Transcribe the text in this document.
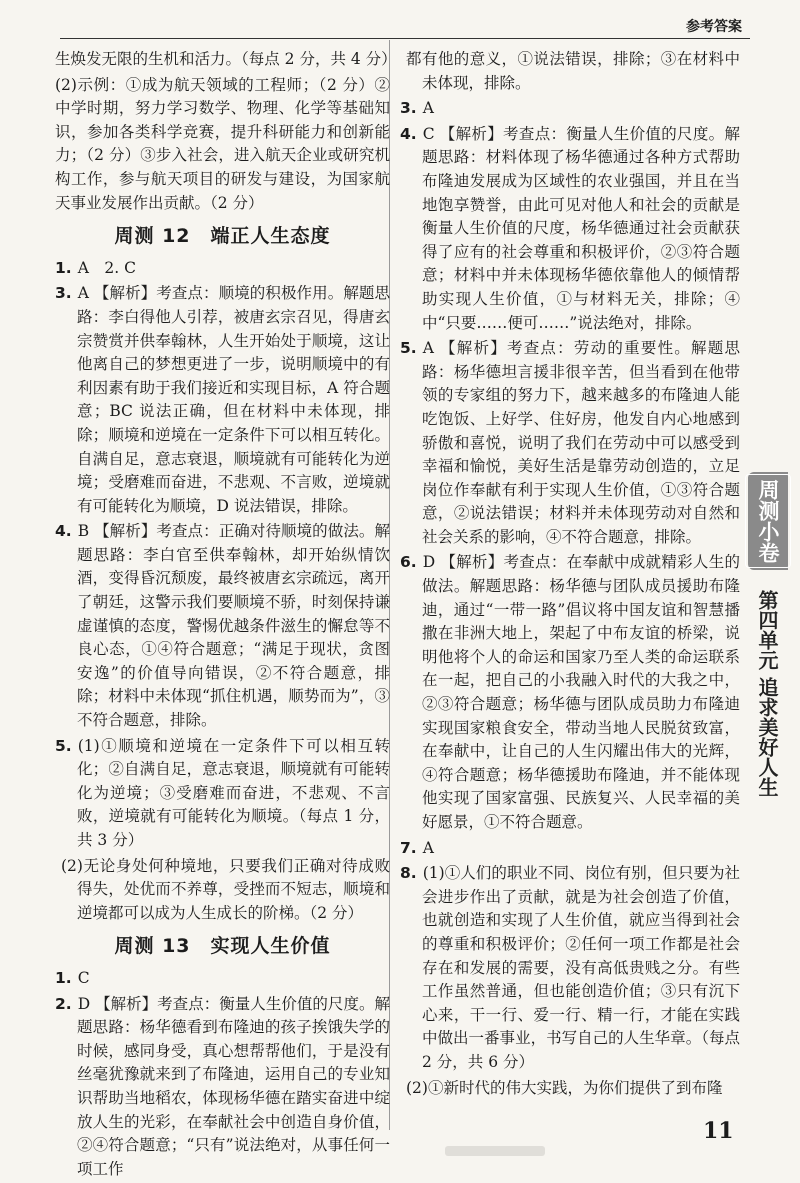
参考答案

生焕发无限的生机和活力。（每点 2 分，共 4 分）

(2)示例：①成为航天领域的工程师；（2 分）②中学时期，努力学习数学、物理、化学等基础知识，参加各类科学竞赛，提升科研能力和创新能力；（2 分）③步入社会，进入航天企业或研究机构工作，参与航天项目的研发与建设，为国家航天事业发展作出贡献。（2 分）

周测 12　端正人生态度

1. A　2. C

3. A 【解析】考查点：顺境的积极作用。解题思路：李白得他人引荐，被唐玄宗召见，得唐玄宗赞赏并供奉翰林，人生开始处于顺境，这让他离自己的梦想更进了一步，说明顺境中的有利因素有助于我们接近和实现目标，A 符合题意；BC 说法正确，但在材料中未体现，排除；顺境和逆境在一定条件下可以相互转化。自满自足，意志衰退，顺境就有可能转化为逆境；受磨难而奋进，不悲观、不言败，逆境就有可能转化为顺境，D 说法错误，排除。

4. B 【解析】考查点：正确对待顺境的做法。解题思路：李白官至供奉翰林，却开始纵情饮酒，变得昏沉颓废，最终被唐玄宗疏远，离开了朝廷，这警示我们要顺境不骄，时刻保持谦虚谨慎的态度，警惕优越条件滋生的懈怠等不良心态，①④符合题意；“满足于现状，贪图安逸”的价值导向错误，②不符合题意，排除；材料中未体现“抓住机遇，顺势而为”，③不符合题意，排除。

5. (1)①顺境和逆境在一定条件下可以相互转化；②自满自足，意志衰退，顺境就有可能转化为逆境；③受磨难而奋进，不悲观、不言败，逆境就有可能转化为顺境。（每点 1 分，共 3 分）

(2)无论身处何种境地，只要我们正确对待成败得失，处优而不养尊，受挫而不短志，顺境和逆境都可以成为人生成长的阶梯。（2 分）

周测 13　实现人生价值

1. C

2. D 【解析】考查点：衡量人生价值的尺度。解题思路：杨华德看到布隆迪的孩子挨饿失学的时候，感同身受，真心想帮帮他们，于是没有丝毫犹豫就来到了布隆迪，运用自己的专业知识帮助当地稻农，体现杨华德在踏实奋进中绽放人生的光彩，在奉献社会中创造自身价值，②④符合题意；“只有”说法绝对，从事任何一项工作

都有他的意义，①说法错误，排除；③在材料中未体现，排除。

3. A

4. C 【解析】考查点：衡量人生价值的尺度。解题思路：材料体现了杨华德通过各种方式帮助布隆迪发展成为区域性的农业强国，并且在当地饱享赞誉，由此可见对他人和社会的贡献是衡量人生价值的尺度，杨华德通过社会贡献获得了应有的社会尊重和积极评价，②③符合题意；材料中并未体现杨华德依靠他人的倾情帮助实现人生价值，①与材料无关，排除；④中“只要……便可……”说法绝对，排除。

5. A 【解析】考查点：劳动的重要性。解题思路：杨华德坦言援非很辛苦，但当看到在他带领的专家组的努力下，越来越多的布隆迪人能吃饱饭、上好学、住好房，他发自内心地感到骄傲和喜悦，说明了我们在劳动中可以感受到幸福和愉悦，美好生活是靠劳动创造的，立足岗位作奉献有利于实现人生价值，①③符合题意，②说法错误；材料并未体现劳动对自然和社会关系的影响，④不符合题意，排除。

6. D 【解析】考查点：在奉献中成就精彩人生的做法。解题思路：杨华德与团队成员援助布隆迪，通过“一带一路”倡议将中国友谊和智慧播撒在非洲大地上，架起了中布友谊的桥梁，说明他将个人的命运和国家乃至人类的命运联系在一起，把自己的小我融入时代的大我之中，②③符合题意；杨华德与团队成员助力布隆迪实现国家粮食安全，带动当地人民脱贫致富，在奉献中，让自己的人生闪耀出伟大的光辉，④符合题意；杨华德援助布隆迪，并不能体现他实现了国家富强、民族复兴、人民幸福的美好愿景，①不符合题意。

7. A

8. (1)①人们的职业不同、岗位有别，但只要为社会进步作出了贡献，就是为社会创造了价值，也就创造和实现了人生价值，就应当得到社会的尊重和积极评价；②任何一项工作都是社会存在和发展的需要，没有高低贵贱之分。有些工作虽然普通，但也能创造价值；③只有沉下心来，干一行、爱一行、精一行，才能在实践中做出一番事业，书写自己的人生华章。（每点 2 分，共 6 分）

(2)①新时代的伟大实践，为你们提供了到布隆

周测小卷
第四单元 追求美好人生
11
